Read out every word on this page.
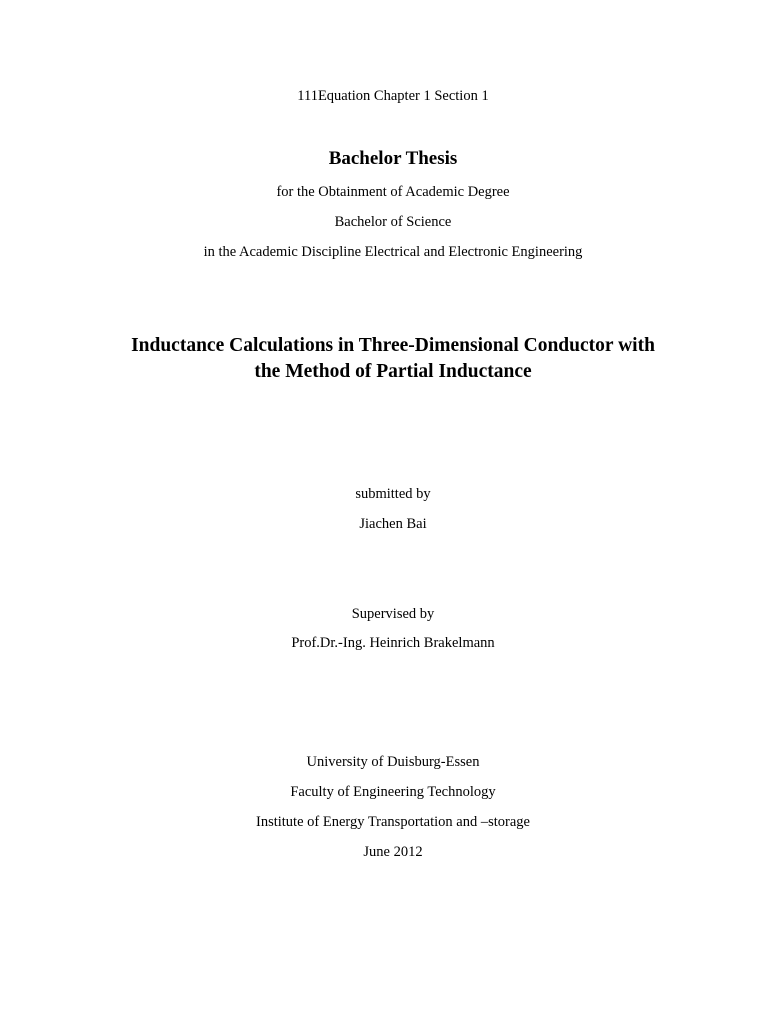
111Equation Chapter 1 Section 1
Bachelor Thesis
for the Obtainment of Academic Degree
Bachelor of Science
in the Academic Discipline Electrical and Electronic Engineering
Inductance Calculations in Three-Dimensional Conductor with
the Method of Partial Inductance
submitted by
Jiachen Bai
Supervised by
Prof.Dr.-Ing. Heinrich Brakelmann
University of Duisburg-Essen
Faculty of Engineering Technology
Institute of Energy Transportation and –storage
June 2012
